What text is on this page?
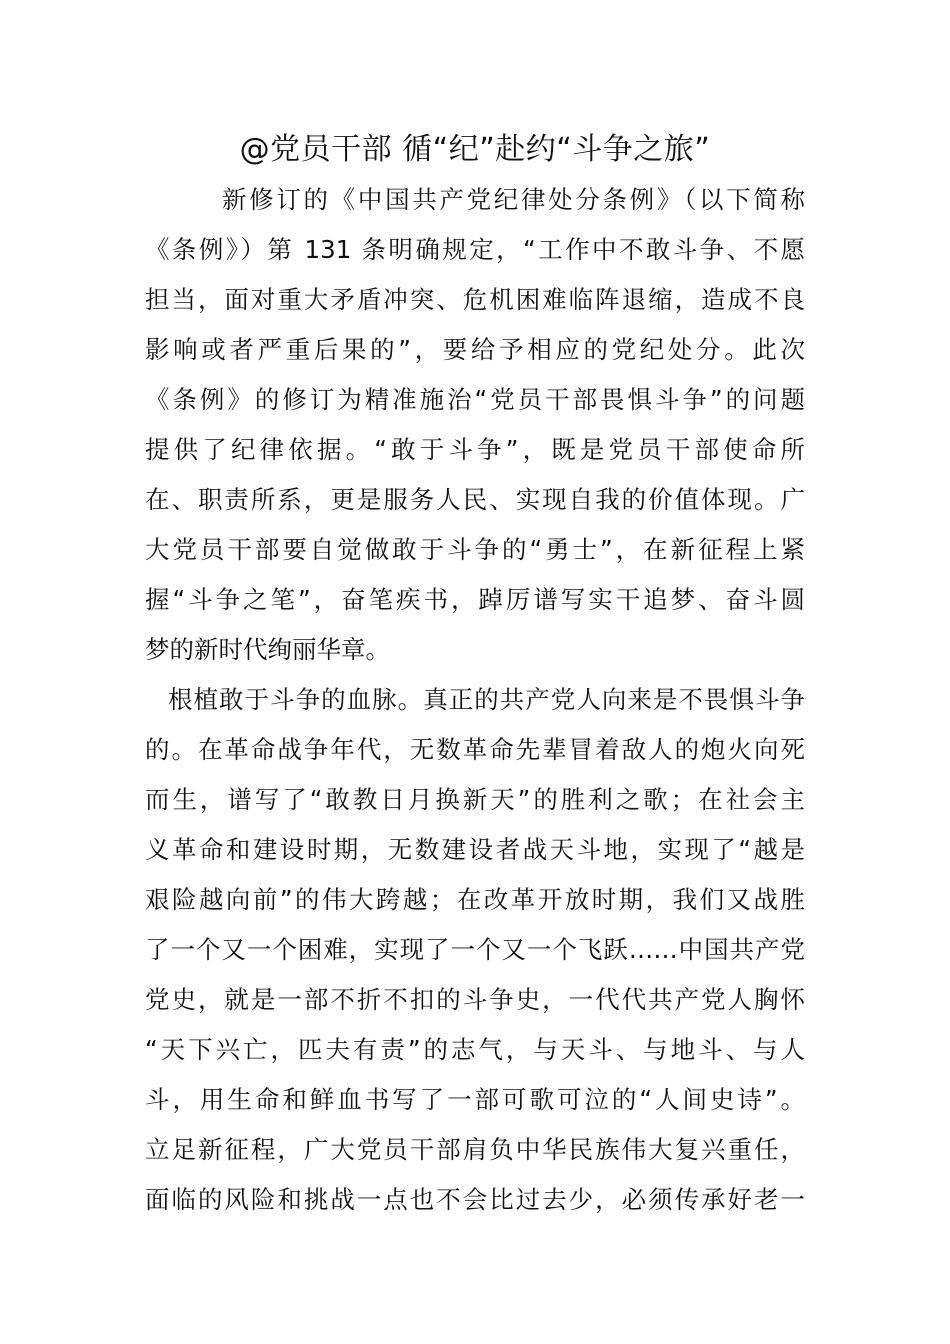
@党员干部 循“纪”赴约“斗争之旅”
新修订的《中国共产党纪律处分条例》（以下简称
《条例》）第 131 条明确规定，“工作中不敢斗争、不愿
担当，面对重大矛盾冲突、危机困难临阵退缩，造成不良
影响或者严重后果的”，要给予相应的党纪处分。此次
《条例》的修订为精准施治“党员干部畏惧斗争”的问题
提供了纪律依据。“敢于斗争”，既是党员干部使命所
在、职责所系，更是服务人民、实现自我的价值体现。广
大党员干部要自觉做敢于斗争的“勇士”，在新征程上紧
握“斗争之笔”，奋笔疾书，踔厉谱写实干追梦、奋斗圆
梦的新时代绚丽华章。
根植敢于斗争的血脉。真正的共产党人向来是不畏惧斗争
的。在革命战争年代，无数革命先辈冒着敌人的炮火向死
而生，谱写了“敢教日月换新天”的胜利之歌；在社会主
义革命和建设时期，无数建设者战天斗地，实现了“越是
艰险越向前”的伟大跨越；在改革开放时期，我们又战胜
了一个又一个困难，实现了一个又一个飞跃……中国共产党
党史，就是一部不折不扣的斗争史，一代代共产党人胸怀
“天下兴亡，匹夫有责”的志气，与天斗、与地斗、与人
斗，用生命和鲜血书写了一部可歌可泣的“人间史诗”。
立足新征程，广大党员干部肩负中华民族伟大复兴重任，
面临的风险和挑战一点也不会比过去少，必须传承好老一
